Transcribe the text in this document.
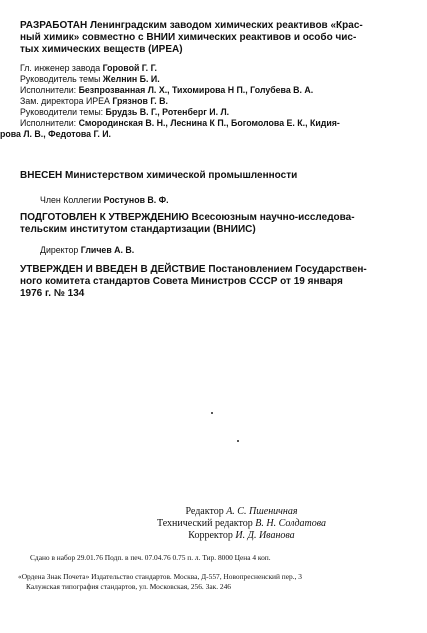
РАЗРАБОТАН Ленинградским заводом химических реактивов «Крас-

ный химик» совместно с ВНИИ химических реактивов и особо чис-

тых химических веществ (ИРЕА)

Гл. инженер завода Горовой Г. Г.

Руководитель темы Желнин Б. И.

Исполнители: Безпрозванная Л. Х., Тихомирова Н П., Голубева В. А.

Зам. директора ИРЕА Грязнов Г. В.

Руководители темы: Брудзь В. Г., Ротенберг И. Л.

Исполнители: Смородинская В. Н., Леснина К П., Богомолова Е. К., Кидия-

рова Л. В., Федотова Г. И.

ВНЕСЕН Министерством химической промышленности

Член Коллегии Ростунов В. Ф.

ПОДГОТОВЛЕН К УТВЕРЖДЕНИЮ Всесоюзным научно-исследова-

тельским институтом стандартизации (ВНИИС)

Директор Гличев А. В.

УТВЕРЖДЕН И ВВЕДЕН В ДЕЙСТВИЕ Постановлением Государствен-

ного комитета стандартов Совета Министров СССР от 19 января

1976 г. № 134

Редактор А. С. Пшеничная
Технический редактор В. Н. Солдатова
Корректор И. Д. Иванова
Сдано в набор 29.01.76 Подп. в печ. 07.04.76 0.75 п. л. Тир. 8000 Цена 4 коп.
«Ордена Знак Почета» Издательство стандартов. Москва, Д-557, Новопресненский пер., 3
Калужская типография стандартов, ул. Московская, 256. Зак. 246
